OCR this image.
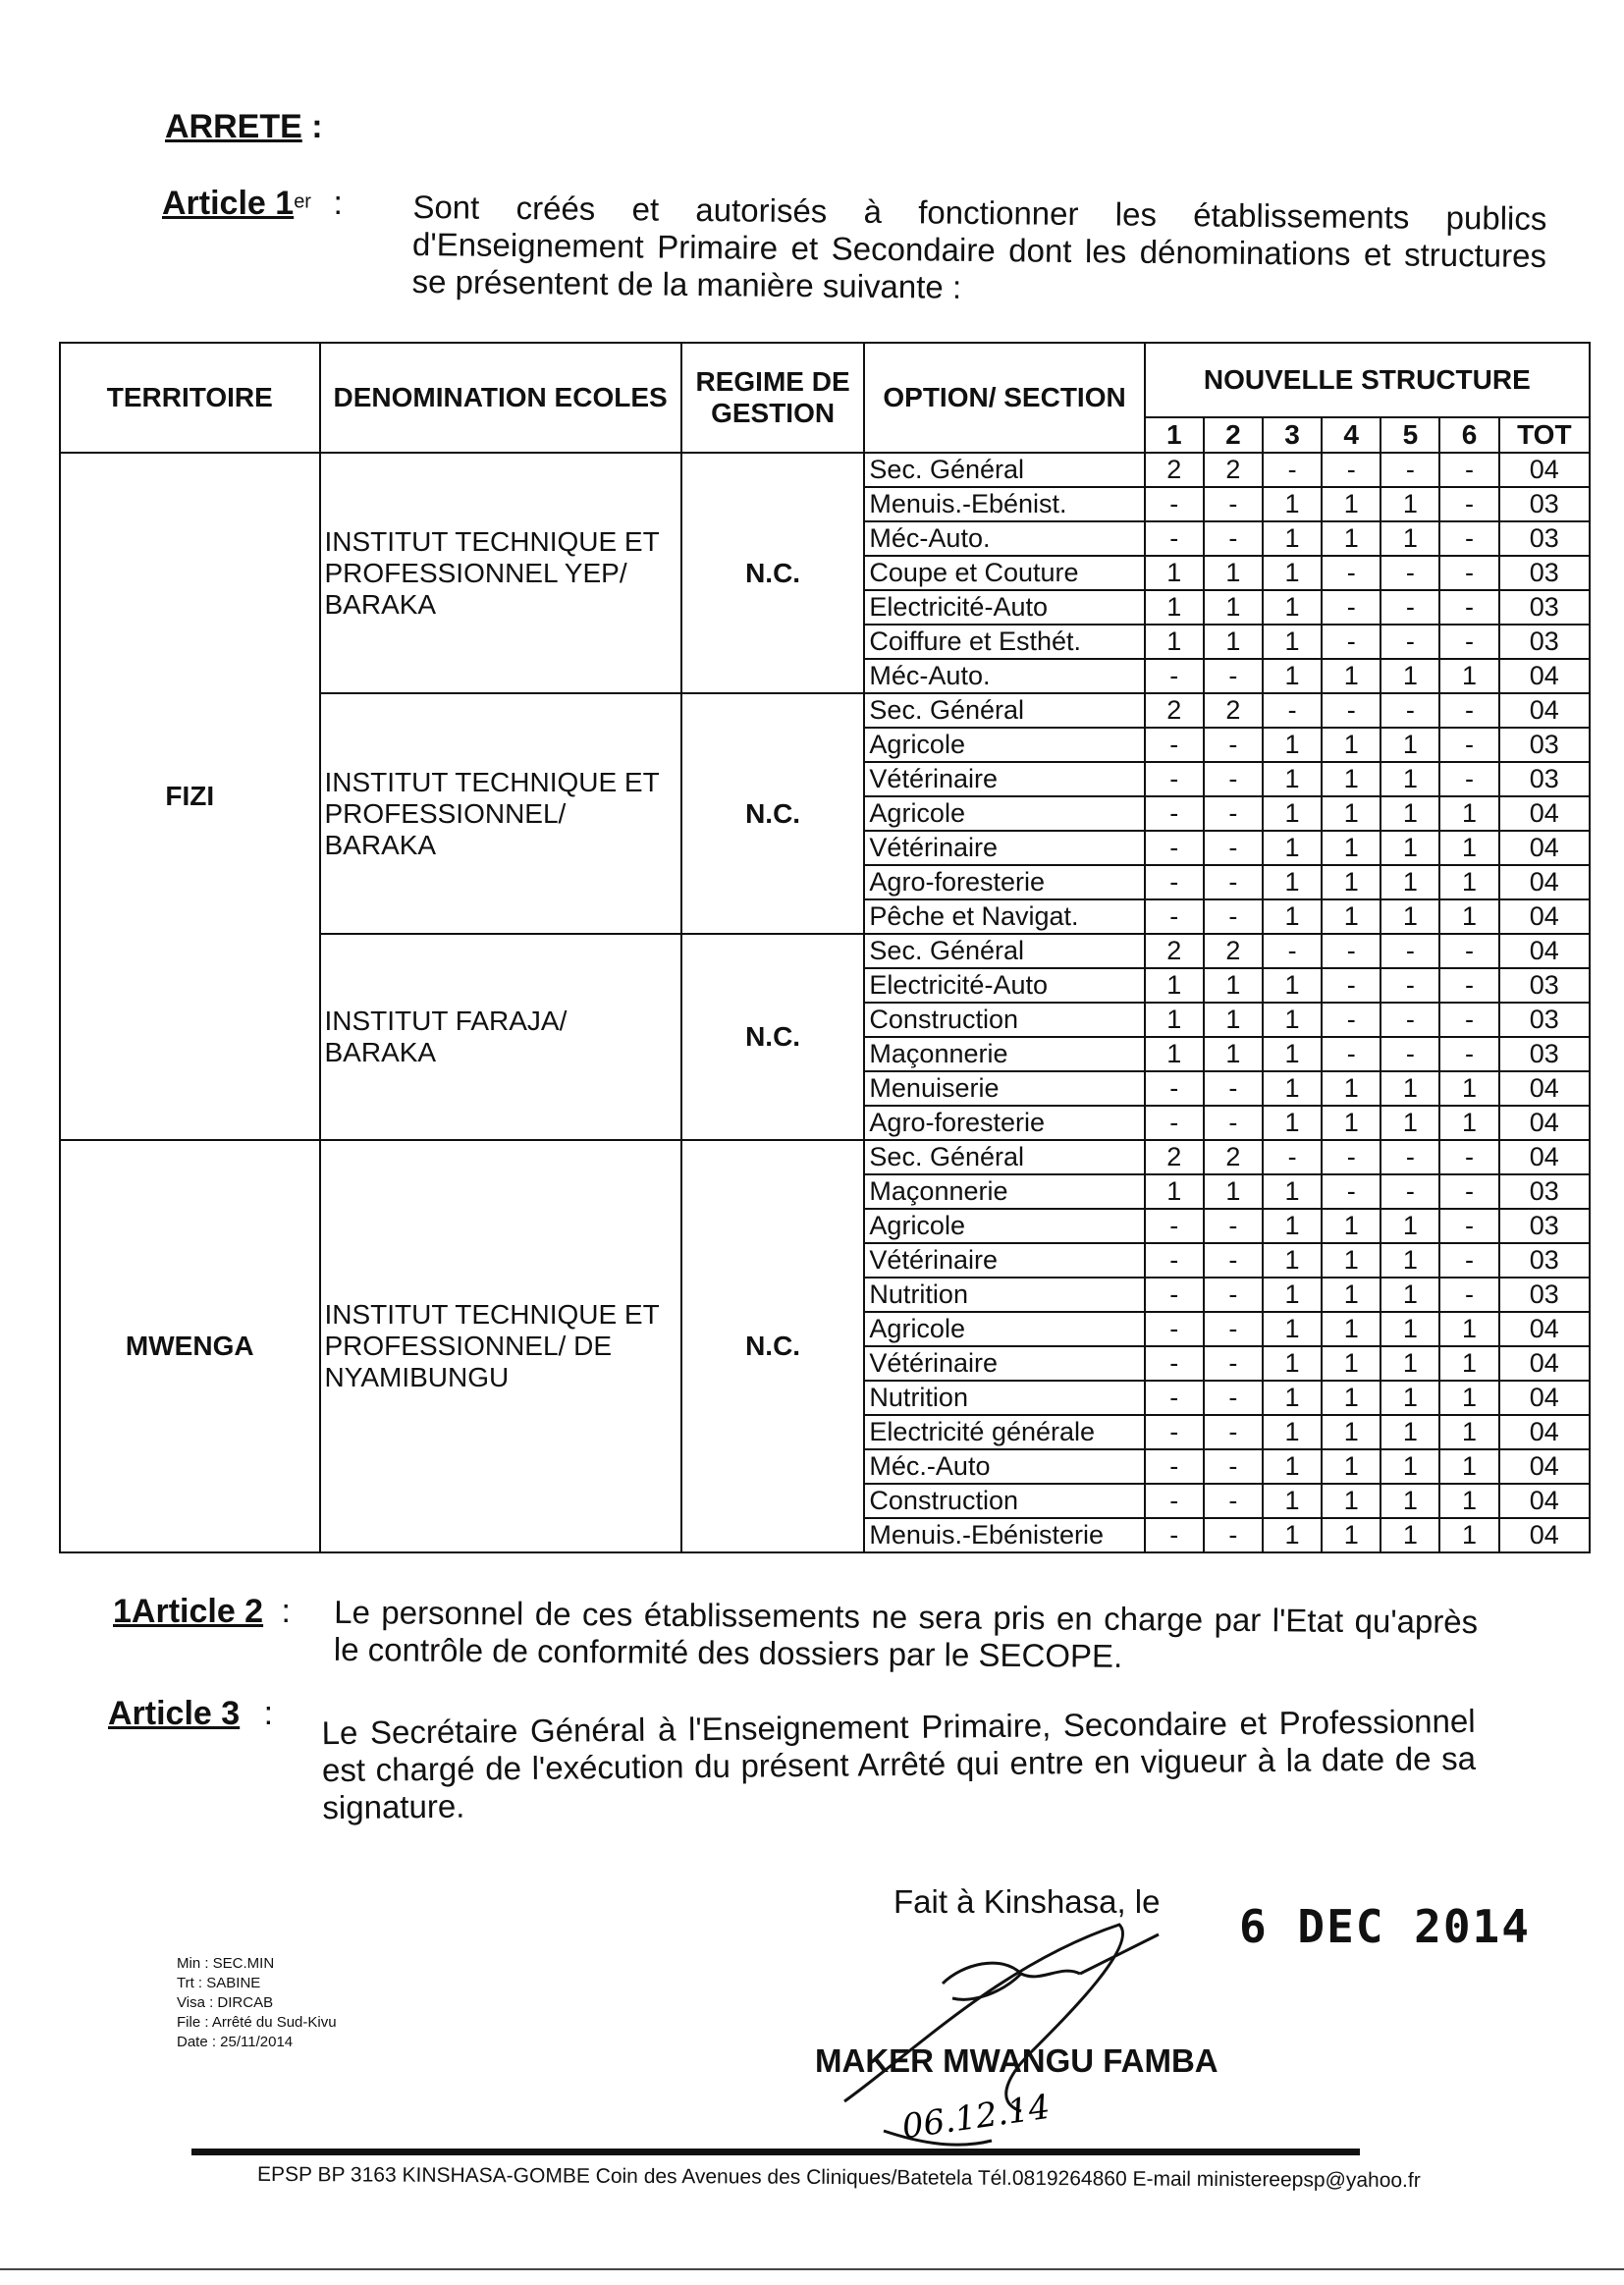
ARRETE :
Article 1er : Sont créés et autorisés à fonctionner les établissements publics d'Enseignement Primaire et Secondaire dont les dénominations et structures se présentent de la manière suivante :
TERRITOIRE	DENOMINATION ECOLES	REGIME DE GESTION	OPTION/ SECTION	NOUVELLE STRUCTURE						
				1	2	3	4	5	6	TOT
FIZI	INSTITUT TECHNIQUE ET PROFESSIONNEL YEP/ BARAKA	N.C.	Sec. Général	2	2	-	-	-	-	04
			Menuis.-Ebénist.	-	-	1	1	1	-	03
			Méc-Auto.	-	-	1	1	1	-	03
			Coupe et Couture	1	1	1	-	-	-	03
			Electricité-Auto	1	1	1	-	-	-	03
			Coiffure et Esthét.	1	1	1	-	-	-	03
			Méc-Auto.	-	-	1	1	1	1	04
	INSTITUT TECHNIQUE ET PROFESSIONNEL/ BARAKA	N.C.	Sec. Général	2	2	-	-	-	-	04
			Agricole	-	-	1	1	1	-	03
			Vétérinaire	-	-	1	1	1	-	03
			Agricole	-	-	1	1	1	1	04
			Vétérinaire	-	-	1	1	1	1	04
			Agro-foresterie	-	-	1	1	1	1	04
			Pêche et Navigat.	-	-	1	1	1	1	04
	INSTITUT FARAJA/ BARAKA	N.C.	Sec. Général	2	2	-	-	-	-	04
			Electricité-Auto	1	1	1	-	-	-	03
			Construction	1	1	1	-	-	-	03
			Maçonnerie	1	1	1	-	-	-	03
			Menuiserie	-	-	1	1	1	1	04
			Agro-foresterie	-	-	1	1	1	1	04
MWENGA	INSTITUT TECHNIQUE ET PROFESSIONNEL/ DE NYAMIBUNGU	N.C.	Sec. Général	2	2	-	-	-	-	04
			Maçonnerie	1	1	1	-	-	-	03
			Agricole	-	-	1	1	1	-	03
			Vétérinaire	-	-	1	1	1	-	03
			Nutrition	-	-	1	1	1	-	03
			Agricole	-	-	1	1	1	1	04
			Vétérinaire	-	-	1	1	1	1	04
			Nutrition	-	-	1	1	1	1	04
			Electricité générale	-	-	1	1	1	1	04
			Méc.-Auto	-	-	1	1	1	1	04
			Construction	-	-	1	1	1	1	04
			Menuis.-Ebénisterie	-	-	1	1	1	1	04
1Article 2 : Le personnel de ces établissements ne sera pris en charge par l'Etat qu'après le contrôle de conformité des dossiers par le SECOPE.
Article 3 : Le Secrétaire Général à l'Enseignement Primaire, Secondaire et Professionnel est chargé de l'exécution du présent Arrêté qui entre en vigueur à la date de sa signature.
Fait à Kinshasa, le 6 DEC 2014
MAKER MWANGU FAMBA
06.12.14
Min : SEC.MIN
Trt : SABINE
Visa : DIRCAB
File : Arrêté du Sud-Kivu
Date : 25/11/2014
EPSP BP 3163 KINSHASA-GOMBE Coin des Avenues des Cliniques/Batetela Tél.0819264860 E-mail ministereepsp@yahoo.fr
